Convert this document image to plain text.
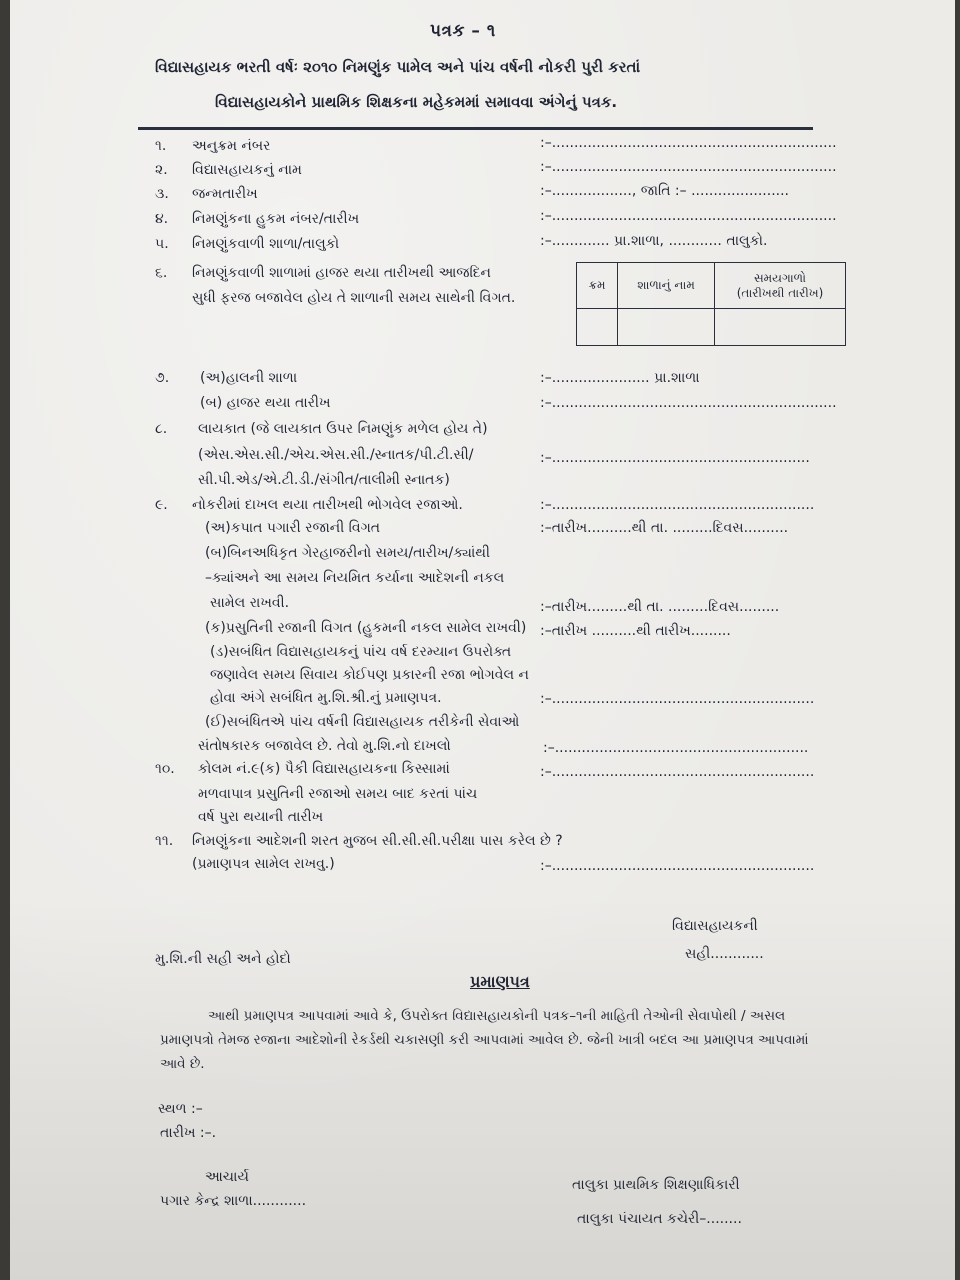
પત્રક – ૧
વિદ્યાસહાયક ભરતી વર્ષઃ ૨૦૧૦ નિમણુંક પામેલ અને પાંચ વર્ષની નોકરી પુરી કરતાં
વિદ્યાસહાયકોને પ્રાથમિક શિક્ષકના મહેકમમાં સમાવવા અંગેનું પત્રક.
૧. અનુક્રમ નંબર	:–................................................................
૨. વિદ્યાસહાયકનું નામ	:–................................................................
૩. જન્મતારીખ	:–.................., જાતિ :– ......................
૪. નિમણુંકના હુકમ નંબર/તારીખ	:–................................................................
૫. નિમણુંકવાળી શાળા/તાલુકો	:–............. પ્રા.શાળા, ............ તાલુકો.
૬. નિમણુંકવાળી શાળામાં હાજર થયા તારીખથી આજદિન
સુધી ફરજ બજાવેલ હોય તે શાળાની સમય સાથેની વિગત.
ક્રમ	શાળાનું નામ	સમયગાળો
(તારીખથી તારીખ)

૭. (અ)હાલની શાળા	:–...................... પ્રા.શાળા
(બ) હાજર થયા તારીખ	:–................................................................
૮. લાયકાત (જે લાયકાત ઉપર નિમણુંક મળેલ હોય તે)
(એસ.એસ.સી./એચ.એસ.સી./સ્નાતક/પી.ટી.સી/
સી.પી.એડ/એ.ટી.ડી./સંગીત/તાલીમી સ્નાતક)
:–..........................................................
૯. નોકરીમાં દાખલ થયા તારીખથી ભોગવેલ રજાઓ.	:–...........................................................
(અ)કપાત પગારી રજાની વિગત	:–તારીખ..........થી તા. .........દિવસ..........
(બ)બિનઅધિકૃત ગેરહાજરીનો સમય/તારીખ/ક્યાંથી
–ક્યાંઅને આ સમય નિયમિત કર્યાના આદેશની નકલ
સામેલ રાખવી.	:–તારીખ.........થી તા. .........દિવસ.........
(ક)પ્રસુતિની રજાની વિગત (હુકમની નકલ સામેલ રાખવી) :–તારીખ ..........થી તારીખ.........
(ડ)સબંધિત વિદ્યાસહાયકનું પાંચ વર્ષ દરમ્યાન ઉપરોક્ત
જણાવેલ સમય સિવાય કોઈપણ પ્રકારની રજા ભોગવેલ ન
હોવા અંગે સબંધિત મુ.શિ.શ્રી.નું પ્રમાણપત્ર.	:–...........................................................
(ઈ)સબંધિતએ પાંચ વર્ષની વિદ્યાસહાયક તરીકેની સેવાઓ
સંતોષકારક બજાવેલ છે. તેવો મુ.શિ.નો દાખલો	:–.........................................................
૧૦. કોલમ નં.૯(ક) પૈકી વિદ્યાસહાયકના કિસ્સામાં
મળવાપાત્ર પ્રસુતિની રજાઓ સમય બાદ કરતાં પાંચ
વર્ષ પુરા થયાની તારીખ
:–...........................................................
૧૧. નિમણુંકના આદેશની શરત મુજબ સી.સી.સી.પરીક્ષા પાસ કરેલ છે ?
(પ્રમાણપત્ર સામેલ રાખવુ.)	:–...........................................................
વિદ્યાસહાયકની
સહી............
મુ.શિ.ની સહી અને હોદો
પ્રમાણપત્ર
આથી પ્રમાણપત્ર આપવામાં આવે કે, ઉપરોક્ત વિદ્યાસહાયકોની પત્રક–૧ની માહિતી તેઓની સેવાપોથી / અસલ
પ્રમાણપત્રો તેમજ રજાના આદેશોની રેકર્ડથી ચકાસણી કરી આપવામાં આવેલ છે. જેની ખાત્રી બદલ આ પ્રમાણપત્ર આપવામાં
આવે છે.
સ્થળ :–
તારીખ :–.
આચાર્ય
પગાર કેન્દ્ર શાળા............
તાલુકા પ્રાથમિક શિક્ષણાધિકારી
તાલુકા પંચાયત કચેરી–........
